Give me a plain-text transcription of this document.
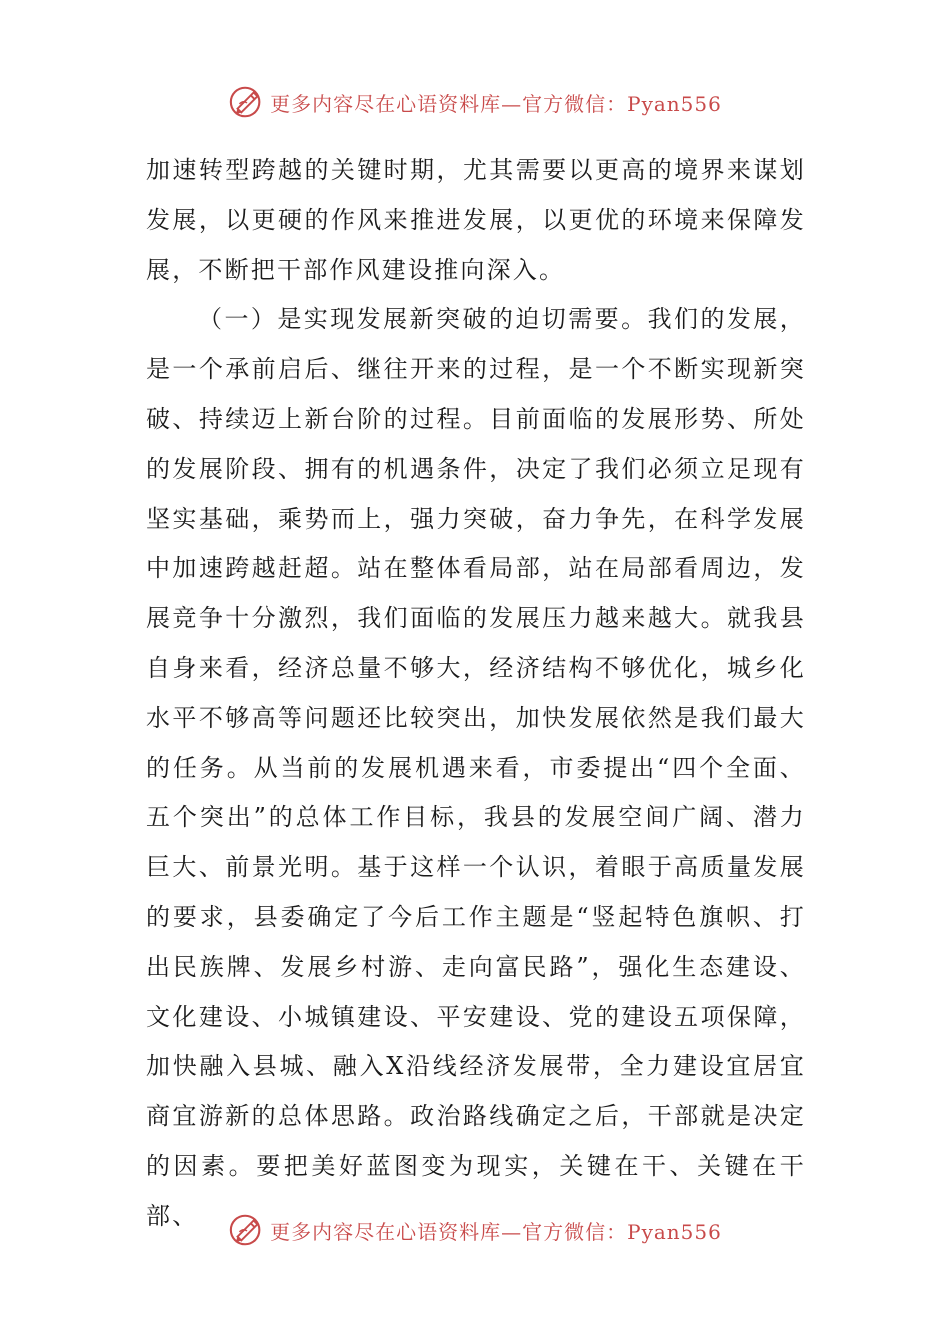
更多内容尽在心语资料库—官方微信：Pyan556

加速转型跨越的关键时期，尤其需要以更高的境界来谋划发展，以更硬的作风来推进发展，以更优的环境来保障发展，不断把干部作风建设推向深入。

（一）是实现发展新突破的迫切需要。我们的发展，是一个承前启后、继往开来的过程，是一个不断实现新突破、持续迈上新台阶的过程。目前面临的发展形势、所处的发展阶段、拥有的机遇条件，决定了我们必须立足现有坚实基础，乘势而上，强力突破，奋力争先，在科学发展中加速跨越赶超。站在整体看局部，站在局部看周边，发展竞争十分激烈，我们面临的发展压力越来越大。就我县自身来看，经济总量不够大，经济结构不够优化，城乡化水平不够高等问题还比较突出，加快发展依然是我们最大的任务。从当前的发展机遇来看，市委提出“四个全面、五个突出”的总体工作目标，我县的发展空间广阔、潜力巨大、前景光明。基于这样一个认识，着眼于高质量发展的要求，县委确定了今后工作主题是“竖起特色旗帜、打出民族牌、发展乡村游、走向富民路”，强化生态建设、文化建设、小城镇建设、平安建设、党的建设五项保障，加快融入县城、融入X沿线经济发展带，全力建设宜居宜商宜游新的总体思路。政治路线确定之后，干部就是决定的因素。要把美好蓝图变为现实，关键在干、关键在干部、

更多内容尽在心语资料库—官方微信：Pyan556
